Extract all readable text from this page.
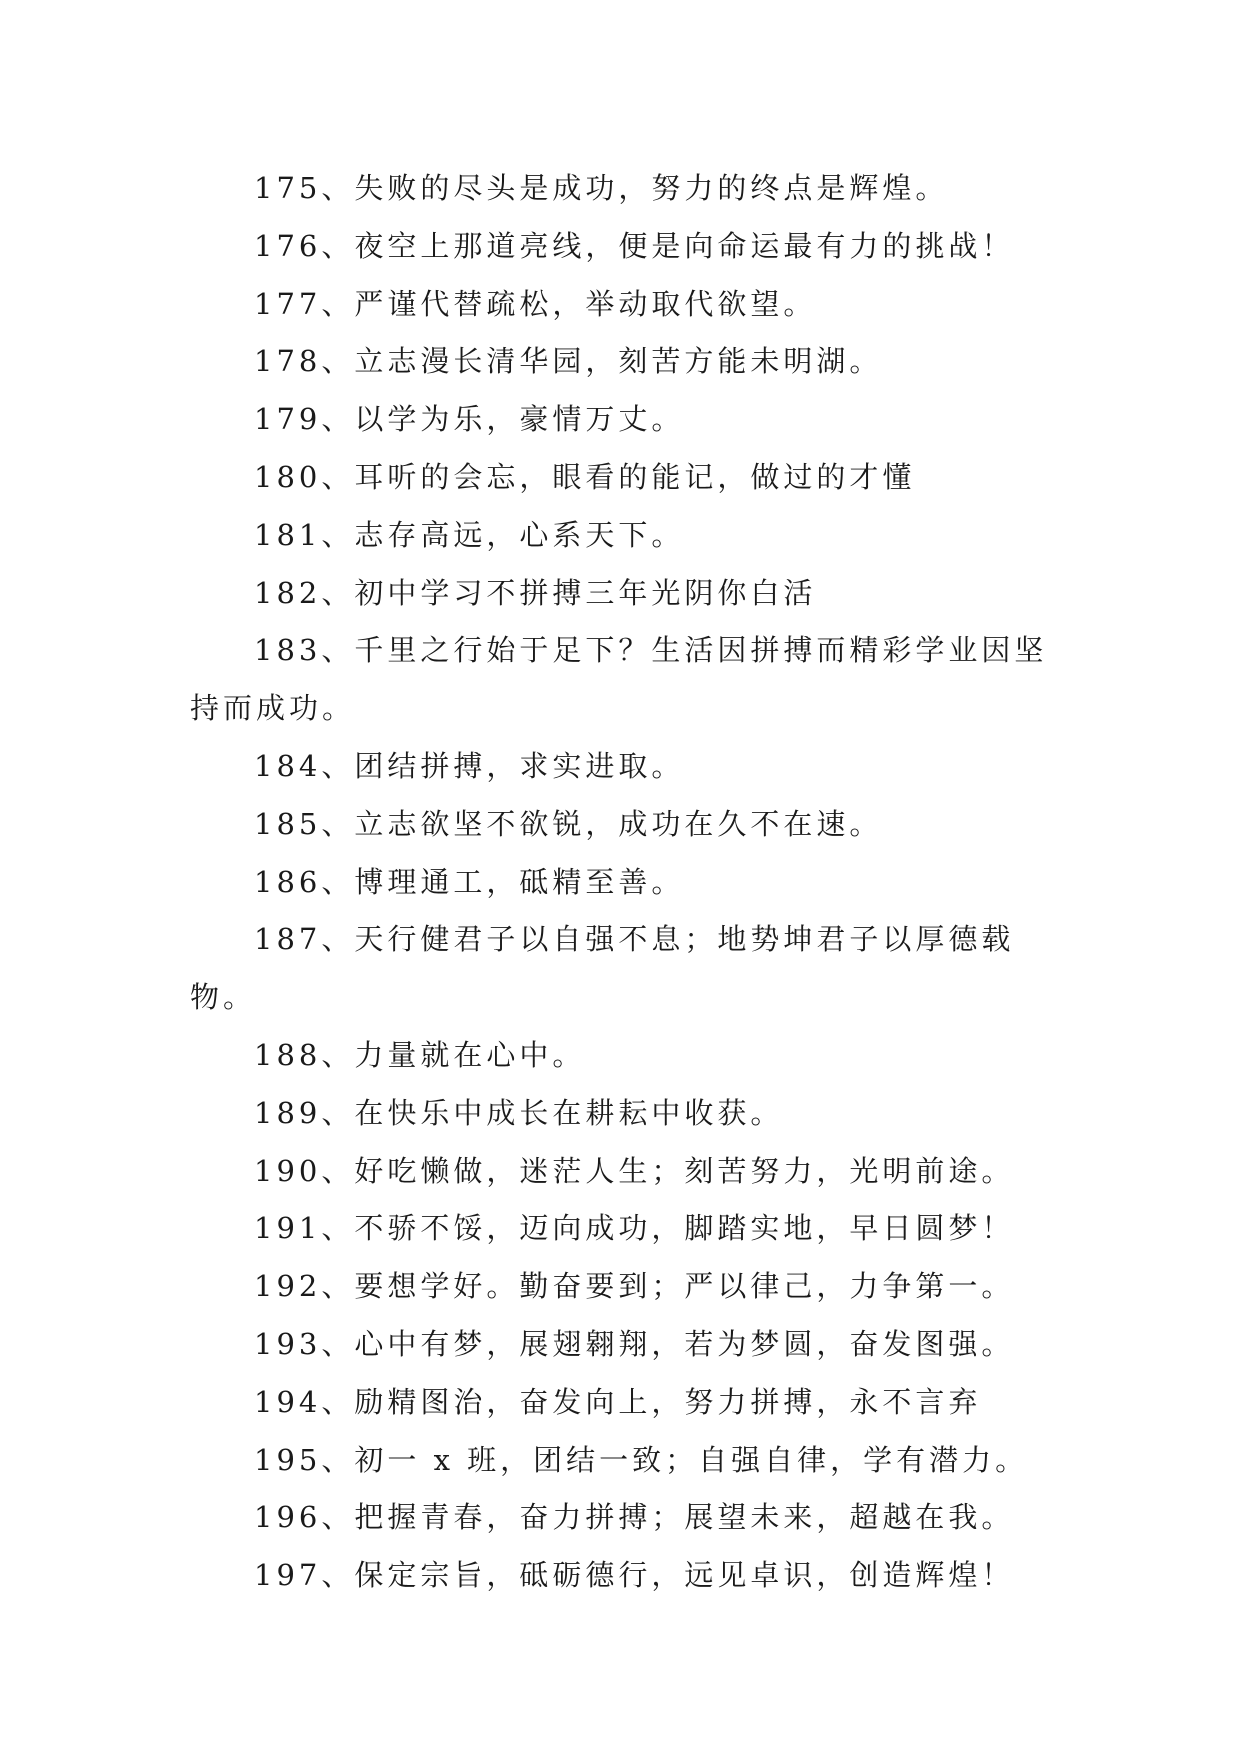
175、失败的尽头是成功，努力的终点是辉煌。

176、夜空上那道亮线，便是向命运最有力的挑战！

177、严谨代替疏松，举动取代欲望。

178、立志漫长清华园，刻苦方能未明湖。

179、以学为乐，豪情万丈。

180、耳听的会忘，眼看的能记，做过的才懂

181、志存高远，心系天下。

182、初中学习不拼搏三年光阴你白活

183、千里之行始于足下？生活因拼搏而精彩学业因坚持而成功。

184、团结拼搏，求实进取。

185、立志欲坚不欲锐，成功在久不在速。

186、博理通工，砥精至善。

187、天行健君子以自强不息；地势坤君子以厚德载物。

188、力量就在心中。

189、在快乐中成长在耕耘中收获。

190、好吃懒做，迷茫人生；刻苦努力，光明前途。

191、不骄不馁，迈向成功，脚踏实地，早日圆梦！

192、要想学好。勤奋要到；严以律己，力争第一。

193、心中有梦，展翅翱翔，若为梦圆，奋发图强。

194、励精图治，奋发向上，努力拼搏，永不言弃

195、初一 x 班，团结一致；自强自律，学有潜力。

196、把握青春，奋力拼搏；展望未来，超越在我。

197、保定宗旨，砥砺德行，远见卓识，创造辉煌！
